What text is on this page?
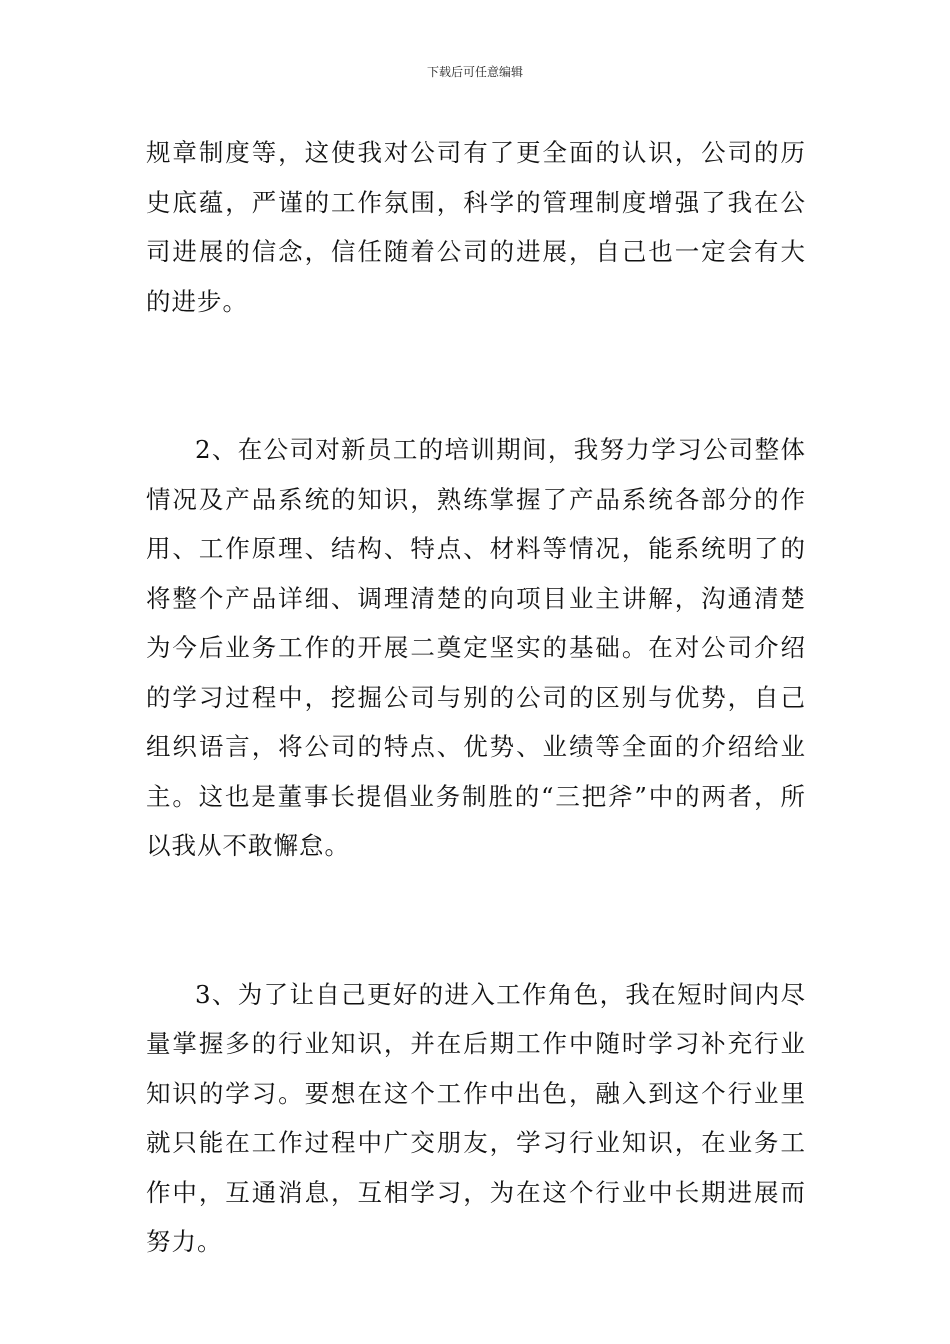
下载后可任意编辑

规章制度等，这使我对公司有了更全面的认识，公司的历史底蕴，严谨的工作氛围，科学的管理制度增强了我在公司进展的信念，信任随着公司的进展，自己也一定会有大的进步。

2、在公司对新员工的培训期间，我努力学习公司整体情况及产品系统的知识，熟练掌握了产品系统各部分的作用、工作原理、结构、特点、材料等情况，能系统明了的将整个产品详细、调理清楚的向项目业主讲解，沟通清楚为今后业务工作的开展二奠定坚实的基础。在对公司介绍的学习过程中，挖掘公司与别的公司的区别与优势，自己组织语言，将公司的特点、优势、业绩等全面的介绍给业主。这也是董事长提倡业务制胜的“三把斧”中的两者，所以我从不敢懈怠。

3、为了让自己更好的进入工作角色，我在短时间内尽量掌握多的行业知识，并在后期工作中随时学习补充行业知识的学习。要想在这个工作中出色，融入到这个行业里就只能在工作过程中广交朋友，学习行业知识，在业务工作中，互通消息，互相学习，为在这个行业中长期进展而努力。
